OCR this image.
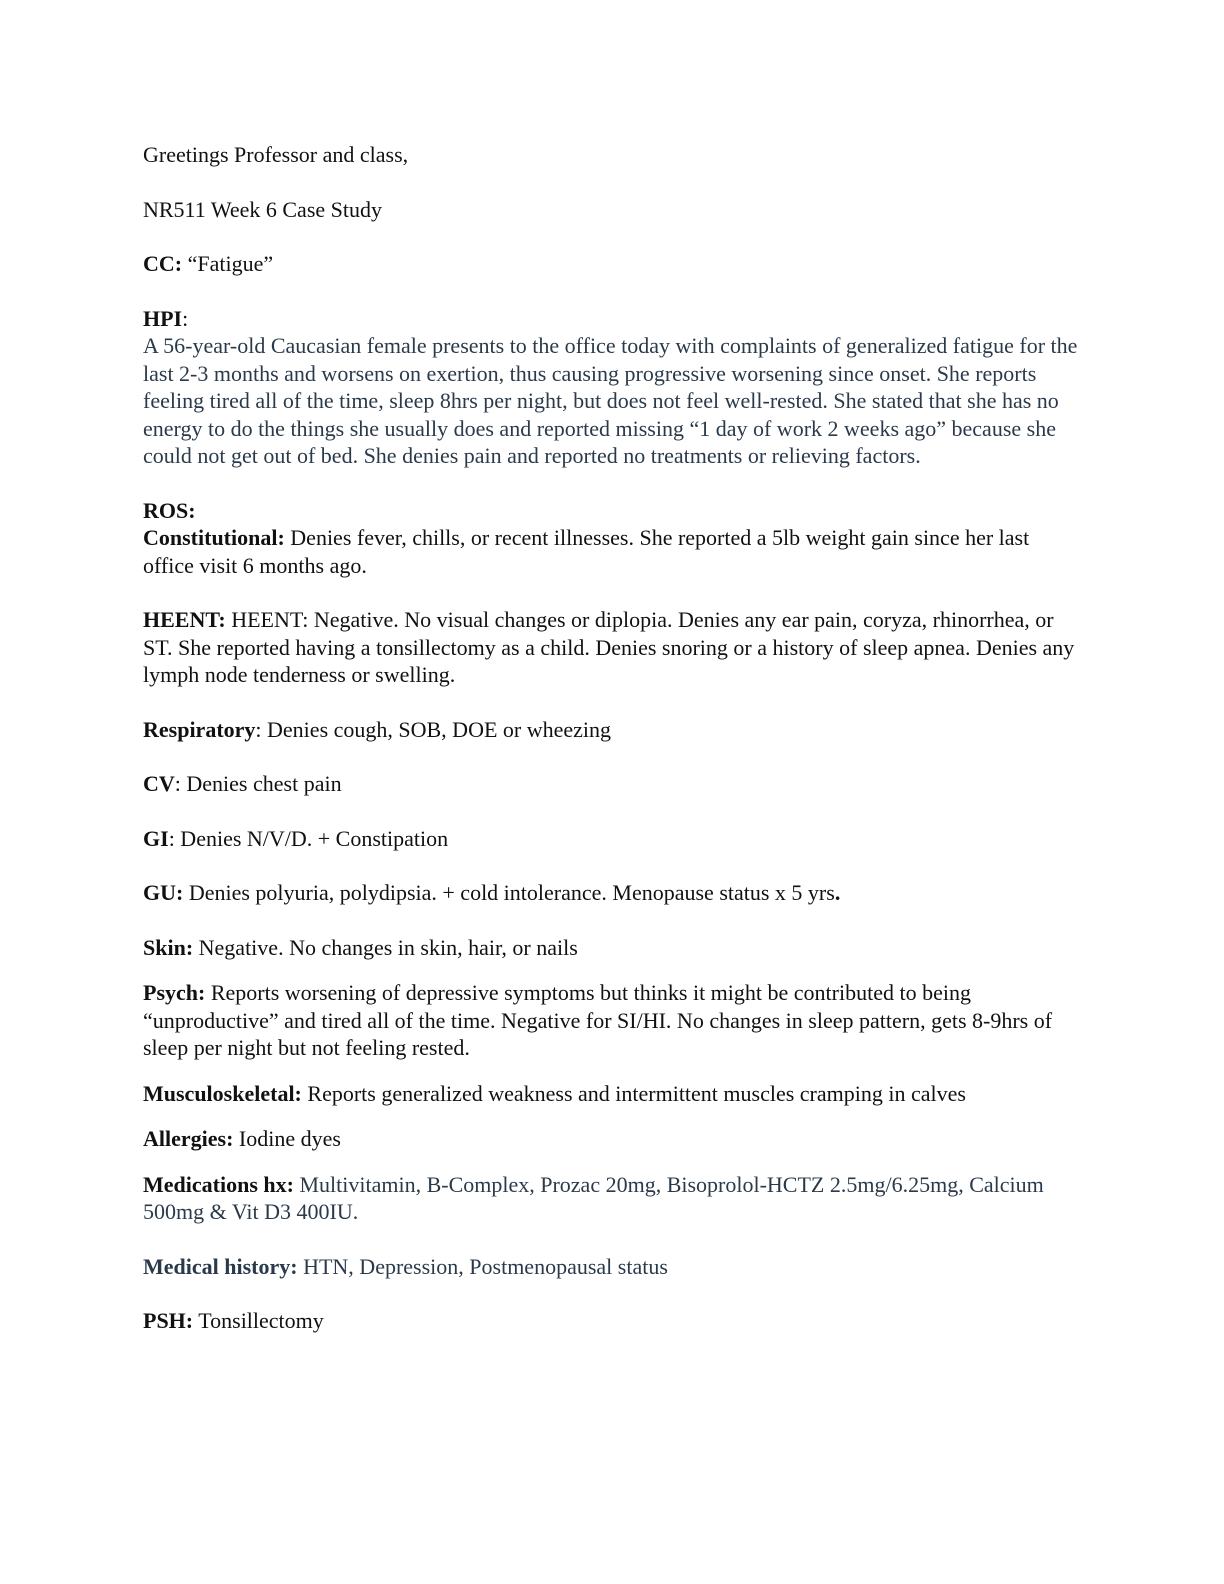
Greetings Professor and class,

NR511 Week 6 Case Study

CC: “Fatigue”

HPI:

A 56-year-old Caucasian female presents to the office today with complaints of generalized fatigue for the last 2-3 months and worsens on exertion, thus causing progressive worsening since onset. She reports feeling tired all of the time, sleep 8hrs per night, but does not feel well-rested. She stated that she has no energy to do the things she usually does and reported missing “1 day of work 2 weeks ago” because she could not get out of bed. She denies pain and reported no treatments or relieving factors.

ROS:

Constitutional: Denies fever, chills, or recent illnesses. She reported a 5lb weight gain since her last office visit 6 months ago.

HEENT: HEENT: Negative. No visual changes or diplopia. Denies any ear pain, coryza, rhinorrhea, or ST. She reported having a tonsillectomy as a child. Denies snoring or a history of sleep apnea. Denies any lymph node tenderness or swelling.

Respiratory: Denies cough, SOB, DOE or wheezing

CV: Denies chest pain

GI: Denies N/V/D. + Constipation

GU: Denies polyuria, polydipsia. + cold intolerance. Menopause status x 5 yrs.

Skin: Negative. No changes in skin, hair, or nails

Psych: Reports worsening of depressive symptoms but thinks it might be contributed to being “unproductive” and tired all of the time. Negative for SI/HI. No changes in sleep pattern, gets 8-9hrs of sleep per night but not feeling rested.

Musculoskeletal: Reports generalized weakness and intermittent muscles cramping in calves

Allergies: Iodine dyes

Medications hx: Multivitamin, B-Complex, Prozac 20mg, Bisoprolol-HCTZ 2.5mg/6.25mg, Calcium 500mg & Vit D3 400IU.

Medical history: HTN, Depression, Postmenopausal status

PSH: Tonsillectomy
